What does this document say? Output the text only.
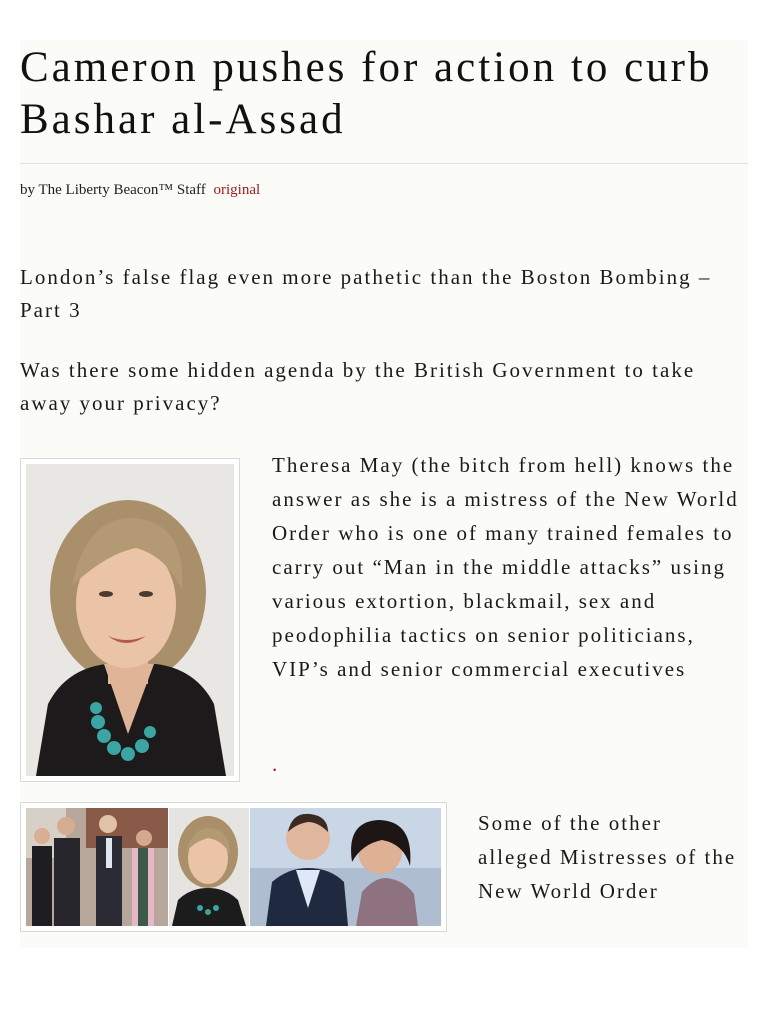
Cameron pushes for action to curb Bashar al-Assad
by The Liberty Beacon™ Staff original

London’s false flag even more pathetic than the Boston Bombing – Part 3

Was there some hidden agenda by the British Government to take away your privacy?

Theresa May (the bitch from hell) knows the answer as she is a mistress of the New World Order who is one of many trained females to carry out “Man in the middle attacks” using various extortion, blackmail, sex and peodophilia tactics on senior politicians, VIP’s and senior commercial executives

.

Some of the other alleged Mistresses of the New World Order
